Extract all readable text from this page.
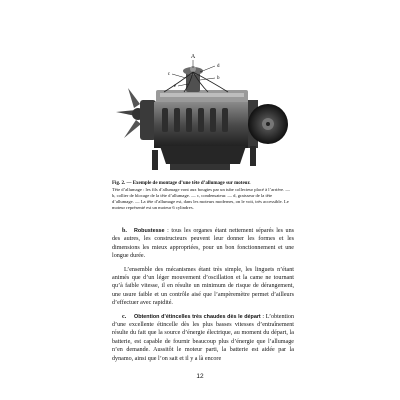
A
c
e
d
b

Fig. 2. — Exemple de montage d’une tête d’allumage sur moteur.

Tête d’allumage : les fils d’allumage vont aux bougies par un tube collecteur placé à l’arrière. — b, collier de blocage de la tête d’allumage. — c, condensateur. — d, graisseur de la tête d’allumage. — La tête d’allumage est, dans les moteurs modernes, on le voit, très accessible. Le moteur représenté est un moteur 6 cylindres.

b. Robustesse : tous les organes étant nettement séparés les uns des autres, les constructeurs peuvent leur donner les formes et les dimensions les mieux appropriées, pour un bon fonctionnement et une longue durée.

L’ensemble des mécanismes étant très simple, les linguets n’étant animés que d’un léger mouvement d’oscillation et la came ne tournant qu’à faible vitesse, il en résulte un minimum de risque de dérangement, une usure faible et un contrôle aisé que l’ampèremètre permet d’ailleurs d’effectuer avec rapidité.

c. Obtention d’étincelles très chaudes dès le départ : L’obtention d’une excellente étincelle dès les plus basses vitesses d’entraînement résulte du fait que la source d’énergie électrique, au moment du départ, la batterie, est capable de fournir beaucoup plus d’énergie que l’allumage n’en demande. Aussitôt le moteur parti, la batterie est aidée par la dynamo, ainsi que l’on sait et il y a là encore

12
